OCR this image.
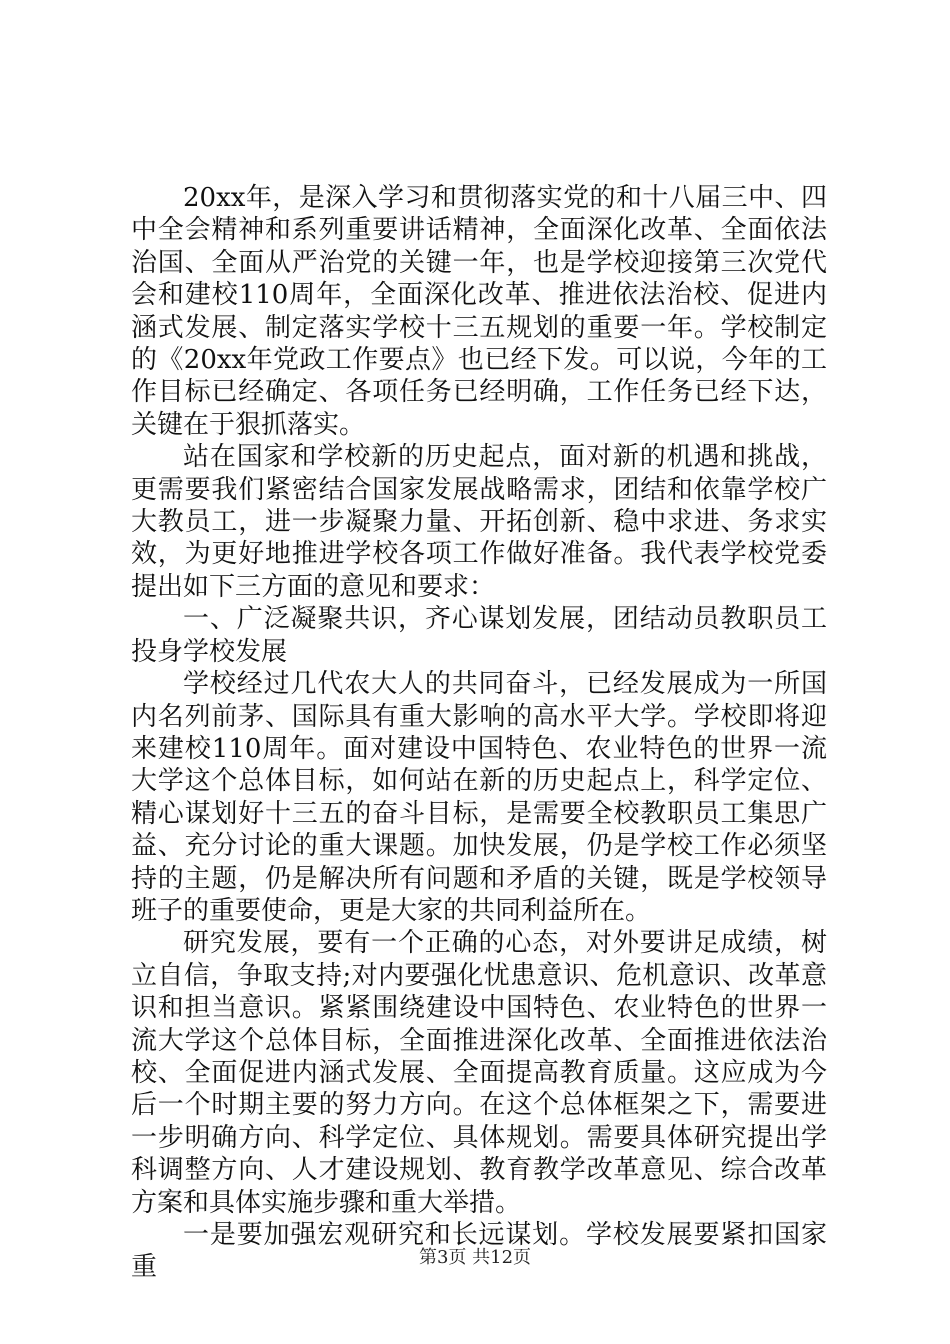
20xx年，是深入学习和贯彻落实党的和十八届三中、四中全会精神和系列重要讲话精神，全面深化改革、全面依法治国、全面从严治党的关键一年，也是学校迎接第三次党代会和建校110周年，全面深化改革、推进依法治校、促进内涵式发展、制定落实学校十三五规划的重要一年。学校制定的《20xx年党政工作要点》也已经下发。可以说，今年的工作目标已经确定、各项任务已经明确，工作任务已经下达，关键在于狠抓落实。

站在国家和学校新的历史起点，面对新的机遇和挑战，更需要我们紧密结合国家发展战略需求，团结和依靠学校广大教员工，进一步凝聚力量、开拓创新、稳中求进、务求实效，为更好地推进学校各项工作做好准备。我代表学校党委提出如下三方面的意见和要求：

一、广泛凝聚共识，齐心谋划发展，团结动员教职员工投身学校发展

学校经过几代农大人的共同奋斗，已经发展成为一所国内名列前茅、国际具有重大影响的高水平大学。学校即将迎来建校110周年。面对建设中国特色、农业特色的世界一流大学这个总体目标，如何站在新的历史起点上，科学定位、精心谋划好十三五的奋斗目标，是需要全校教职员工集思广益、充分讨论的重大课题。加快发展，仍是学校工作必须坚持的主题，仍是解决所有问题和矛盾的关键，既是学校领导班子的重要使命，更是大家的共同利益所在。

研究发展，要有一个正确的心态，对外要讲足成绩，树立自信，争取支持;对内要强化忧患意识、危机意识、改革意识和担当意识。紧紧围绕建设中国特色、农业特色的世界一流大学这个总体目标，全面推进深化改革、全面推进依法治校、全面促进内涵式发展、全面提高教育质量。这应成为今后一个时期主要的努力方向。在这个总体框架之下，需要进一步明确方向、科学定位、具体规划。需要具体研究提出学科调整方向、人才建设规划、教育教学改革意见、综合改革方案和具体实施步骤和重大举措。

一是要加强宏观研究和长远谋划。学校发展要紧扣国家重	第3页 共12页
